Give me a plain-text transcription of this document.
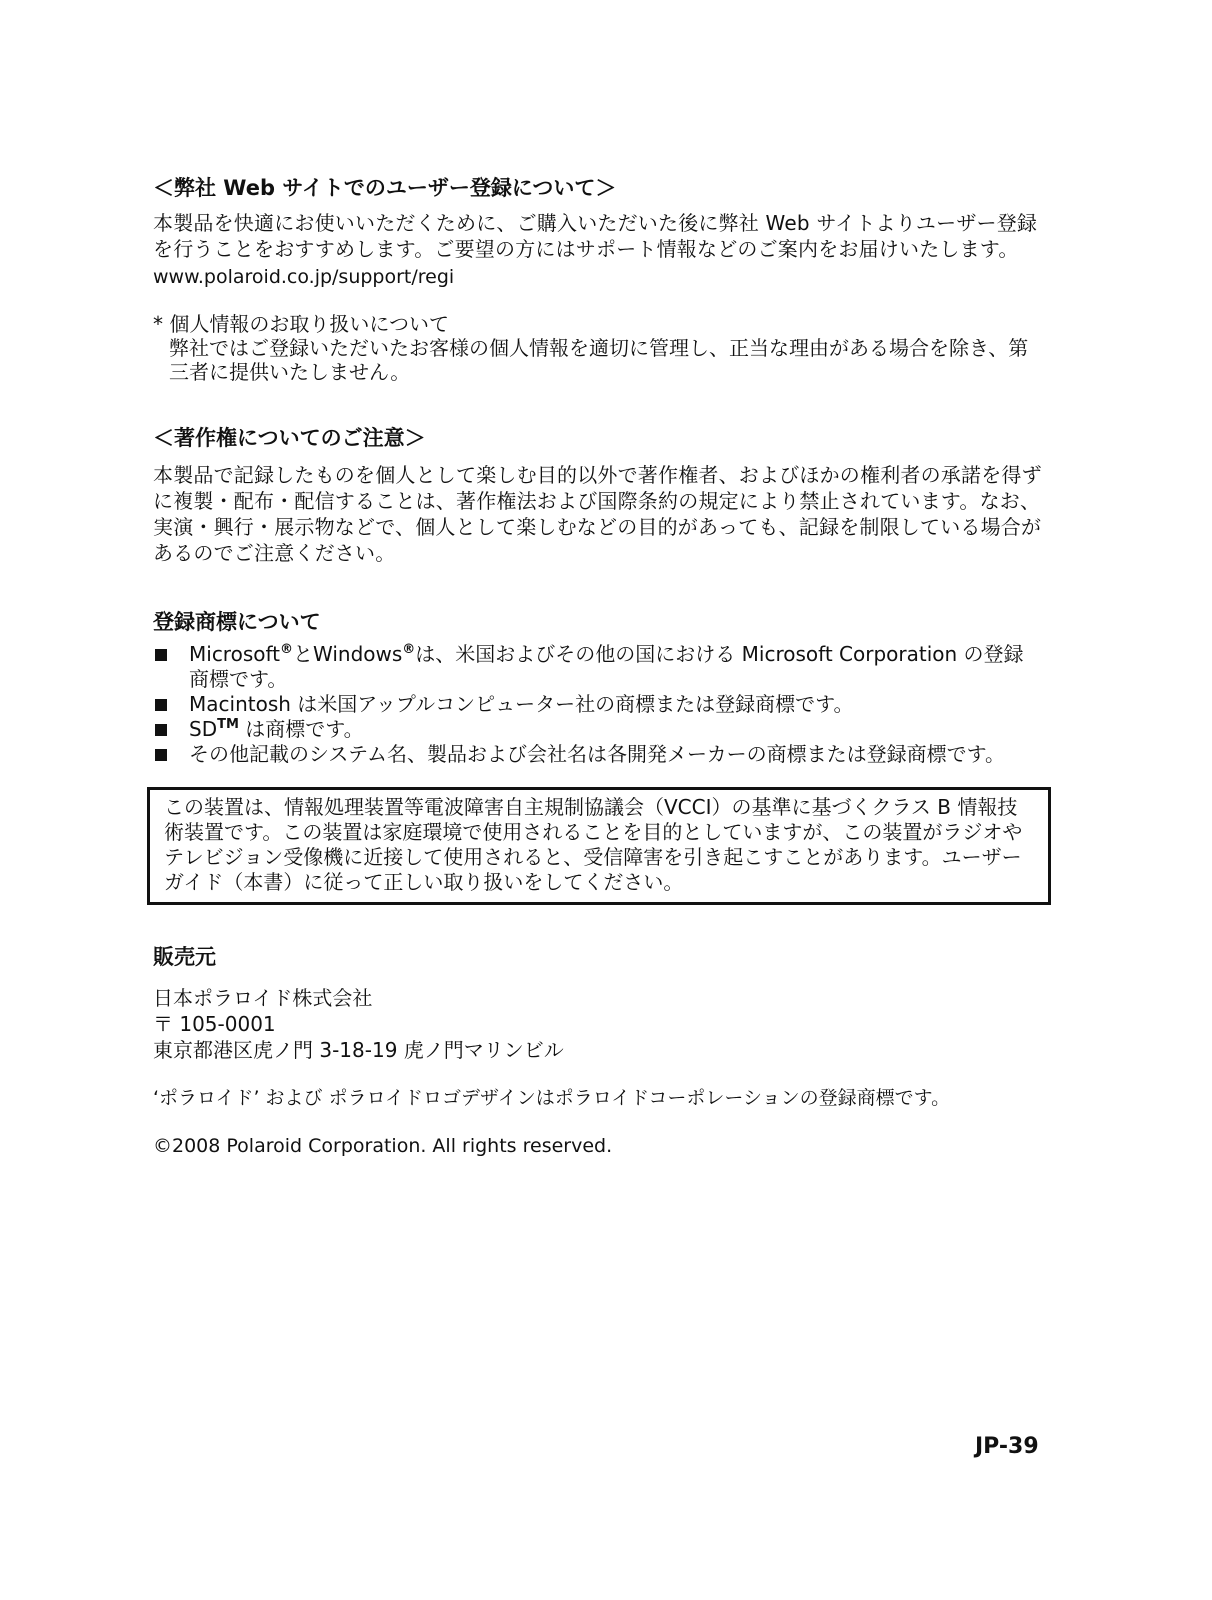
＜弊社 Web サイトでのユーザー登録について＞

本製品を快適にお使いいただくために、ご購入いただいた後に弊社 Web サイトよりユーザー登録を行うことをおすすめします。ご要望の方にはサポート情報などのご案内をお届けいたします。

www.polaroid.co.jp/support/regi

* 個人情報のお取り扱いについて

弊社ではご登録いただいたお客様の個人情報を適切に管理し、正当な理由がある場合を除き、第三者に提供いたしません。

＜著作権についてのご注意＞

本製品で記録したものを個人として楽しむ目的以外で著作権者、およびほかの権利者の承諾を得ずに複製・配布・配信することは、著作権法および国際条約の規定により禁止されています。なお、実演・興行・展示物などで、個人として楽しむなどの目的があっても、記録を制限している場合があるのでご注意ください。

登録商標について
Microsoft®とWindows®は、米国およびその他の国における Microsoft Corporation の登録商標です。
Macintosh は米国アップルコンピューター社の商標または登録商標です。
SD™ は商標です。
その他記載のシステム名、製品および会社名は各開発メーカーの商標または登録商標です。

この装置は、情報処理装置等電波障害自主規制協議会（VCCI）の基準に基づくクラス B 情報技術装置です。この装置は家庭環境で使用されることを目的としていますが、この装置がラジオやテレビジョン受像機に近接して使用されると、受信障害を引き起こすことがあります。ユーザーガイド（本書）に従って正しい取り扱いをしてください。

販売元

日本ポラロイド株式会社

〒 105-0001

東京都港区虎ノ門 3-18-19 虎ノ門マリンビル

‘ポラロイド’ および ポラロイドロゴデザインはポラロイドコーポレーションの登録商標です。

©2008 Polaroid Corporation. All rights reserved.

JP-39
